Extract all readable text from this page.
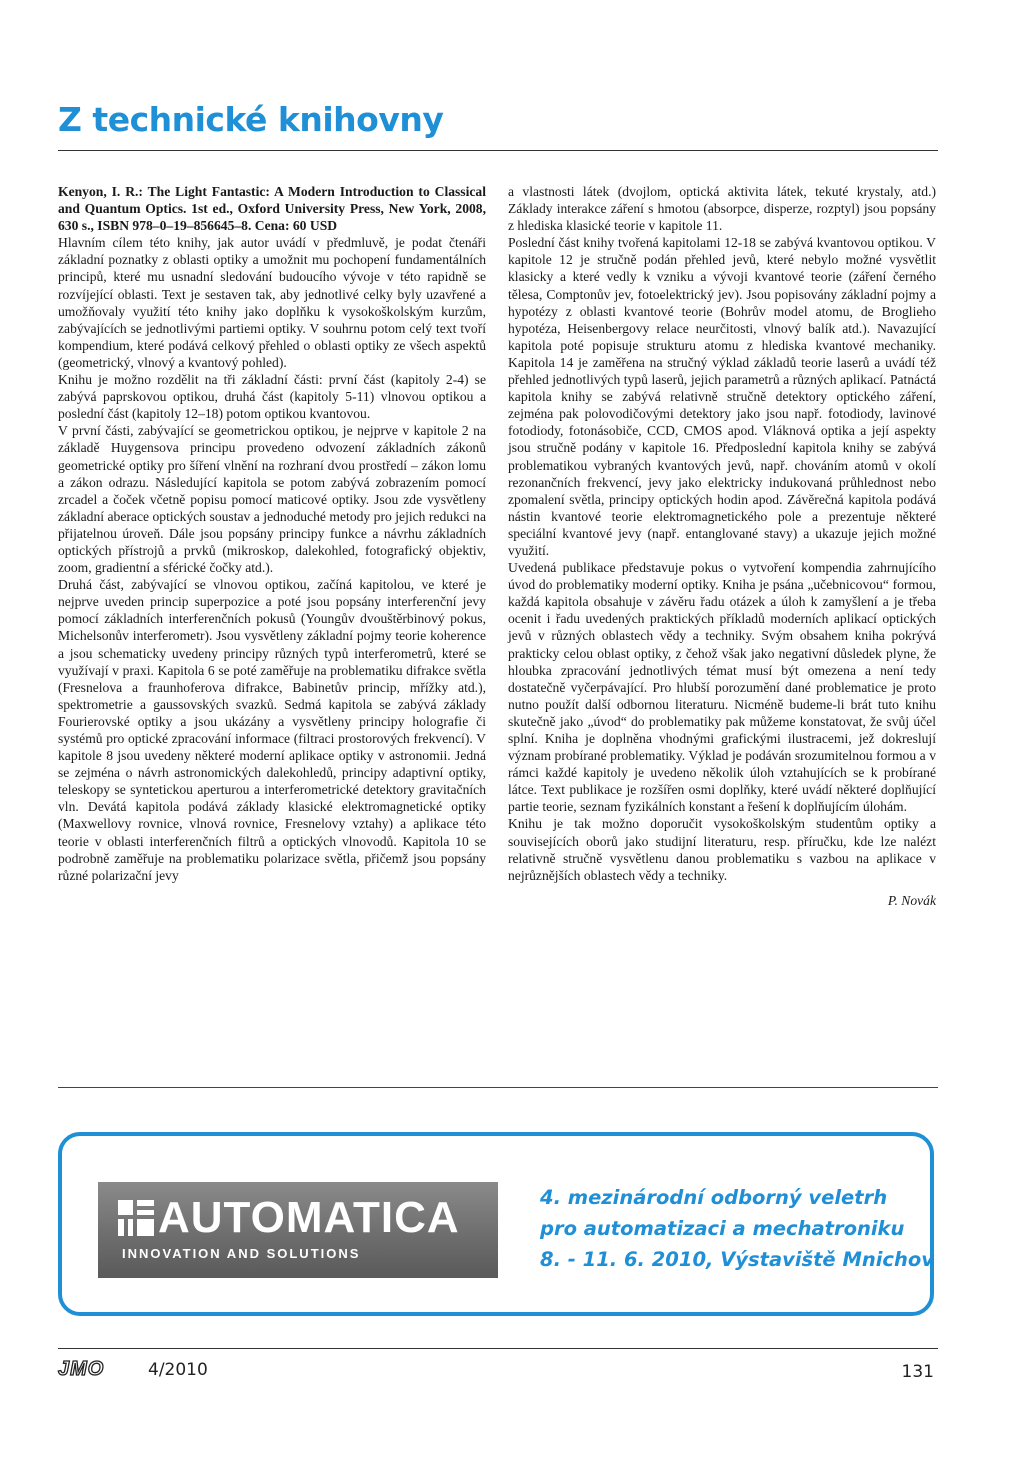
Z technické knihovny

Kenyon, I. R.: The Light Fantastic: A Modern Introduction to Classical and Quantum Optics. 1st ed., Oxford University Press, New York, 2008, 630 s., ISBN 978–0–19–856645–8. Cena: 60 USD

Hlavním cílem této knihy, jak autor uvádí v předmluvě, je podat čtenáři základní poznatky z oblasti optiky a umožnit mu pochopení fundamentálních principů, které mu usnadní sledování budoucího vývoje v této rapidně se rozvíjející oblasti. Text je sestaven tak, aby jednotlivé celky byly uzavřené a umožňovaly využití této knihy jako doplňku k vysokoškolským kurzům, zabývajících se jednotlivými partiemi optiky. V souhrnu potom celý text tvoří kompendium, které podává celkový přehled o oblasti optiky ze všech aspektů (geometrický, vlnový a kvantový pohled).

Knihu je možno rozdělit na tři základní části: první část (kapitoly 2-4) se zabývá paprskovou optikou, druhá část (kapitoly 5-11) vlnovou optikou a poslední část (kapitoly 12–18) potom optikou kvantovou.

V první části, zabývající se geometrickou optikou, je nejprve v kapitole 2 na základě Huygensova principu provedeno odvození základních zákonů geometrické optiky pro šíření vlnění na rozhraní dvou prostředí – zákon lomu a zákon odrazu. Následující kapitola se potom zabývá zobrazením pomocí zrcadel a čoček včetně popisu pomocí maticové optiky. Jsou zde vysvětleny základní aberace optických soustav a jednoduché metody pro jejich redukci na přijatelnou úroveň. Dále jsou popsány principy funkce a návrhu základních optických přístrojů a prvků (mikroskop, dalekohled, fotografický objektiv, zoom, gradientní a sférické čočky atd.).

Druhá část, zabývající se vlnovou optikou, začíná kapitolou, ve které je nejprve uveden princip superpozice a poté jsou popsány interferenční jevy pomocí základních interferenčních pokusů (Youngův dvouštěrbinový pokus, Michelsonův interferometr). Jsou vysvětleny základní pojmy teorie koherence a jsou schematicky uvedeny principy různých typů interferometrů, které se využívají v praxi. Kapitola 6 se poté zaměřuje na problematiku difrakce světla (Fresnelova a fraunhoferova difrakce, Babinetův princip, mřížky atd.), spektrometrie a gaussovských svazků. Sedmá kapitola se zabývá základy Fourierovské optiky a jsou ukázány a vysvětleny principy holografie či systémů pro optické zpracování informace (filtraci prostorových frekvencí). V kapitole 8 jsou uvedeny některé moderní aplikace optiky v astronomii. Jedná se zejména o návrh astronomických dalekohledů, principy adaptivní optiky, teleskopy se syntetickou aperturou a interferometrické detektory gravitačních vln. Devátá kapitola podává základy klasické elektromagnetické optiky (Maxwellovy rovnice, vlnová rovnice, Fresnelovy vztahy) a aplikace této teorie v oblasti interferenčních filtrů a optických vlnovodů. Kapitola 10 se podrobně zaměřuje na problematiku polarizace světla, přičemž jsou popsány různé polarizační jevy

a vlastnosti látek (dvojlom, optická aktivita látek, tekuté krystaly, atd.) Základy interakce záření s hmotou (absorpce, disperze, rozptyl) jsou popsány z hlediska klasické teorie v kapitole 11.

Poslední část knihy tvořená kapitolami 12-18 se zabývá kvantovou optikou. V kapitole 12 je stručně podán přehled jevů, které nebylo možné vysvětlit klasicky a které vedly k vzniku a vývoji kvantové teorie (záření černého tělesa, Comptonův jev, fotoelektrický jev). Jsou popisovány základní pojmy a hypotézy z oblasti kvantové teorie (Bohrův model atomu, de Broglieho hypotéza, Heisenbergovy relace neurčitosti, vlnový balík atd.). Navazující kapitola poté popisuje strukturu atomu z hlediska kvantové mechaniky. Kapitola 14 je zaměřena na stručný výklad základů teorie laserů a uvádí též přehled jednotlivých typů laserů, jejich parametrů a různých aplikací. Patnáctá kapitola knihy se zabývá relativně stručně detektory optického záření, zejména pak polovodičovými detektory jako jsou např. fotodiody, lavinové fotodiody, fotonásobiče, CCD, CMOS apod. Vláknová optika a její aspekty jsou stručně podány v kapitole 16. Předposlední kapitola knihy se zabývá problematikou vybraných kvantových jevů, např. chováním atomů v okolí rezonančních frekvencí, jevy jako elektricky indukovaná průhlednost nebo zpomalení světla, principy optických hodin apod. Závěrečná kapitola podává nástin kvantové teorie elektromagnetického pole a prezentuje některé speciální kvantové jevy (např. entanglované stavy) a ukazuje jejich možné využití.

Uvedená publikace představuje pokus o vytvoření kompendia zahrnujícího úvod do problematiky moderní optiky. Kniha je psána „učebnicovou“ formou, každá kapitola obsahuje v závěru řadu otázek a úloh k zamyšlení a je třeba ocenit i řadu uvedených praktických příkladů moderních aplikací optických jevů v různých oblastech vědy a techniky. Svým obsahem kniha pokrývá prakticky celou oblast optiky, z čehož však jako negativní důsledek plyne, že hloubka zpracování jednotlivých témat musí být omezena a není tedy dostatečně vyčerpávající. Pro hlubší porozumění dané problematice je proto nutno použít další odbornou literaturu. Nicméně budeme-li brát tuto knihu skutečně jako „úvod“ do problematiky pak můžeme konstatovat, že svůj účel splní. Kniha je doplněna vhodnými grafickými ilustracemi, jež dokreslují význam probírané problematiky. Výklad je podáván srozumitelnou formou a v rámci každé kapitoly je uvedeno několik úloh vztahujících se k probírané látce. Text publikace je rozšířen osmi doplňky, které uvádí některé doplňující partie teorie, seznam fyzikálních konstant a řešení k doplňujícím úlohám.

Knihu je tak možno doporučit vysokoškolským studentům optiky a souvisejících oborů jako studijní literaturu, resp. příručku, kde lze nalézt relativně stručně vysvětlenu danou problematiku s vazbou na aplikace v nejrůznějších oblastech vědy a techniky.

P. Novák

AUTOMATICA
INNOVATION AND SOLUTIONS
4. mezinárodní odborný veletrh
pro automatizaci a mechatroniku
8. - 11. 6. 2010, Výstaviště Mnichov
JMO	4/2010	131
